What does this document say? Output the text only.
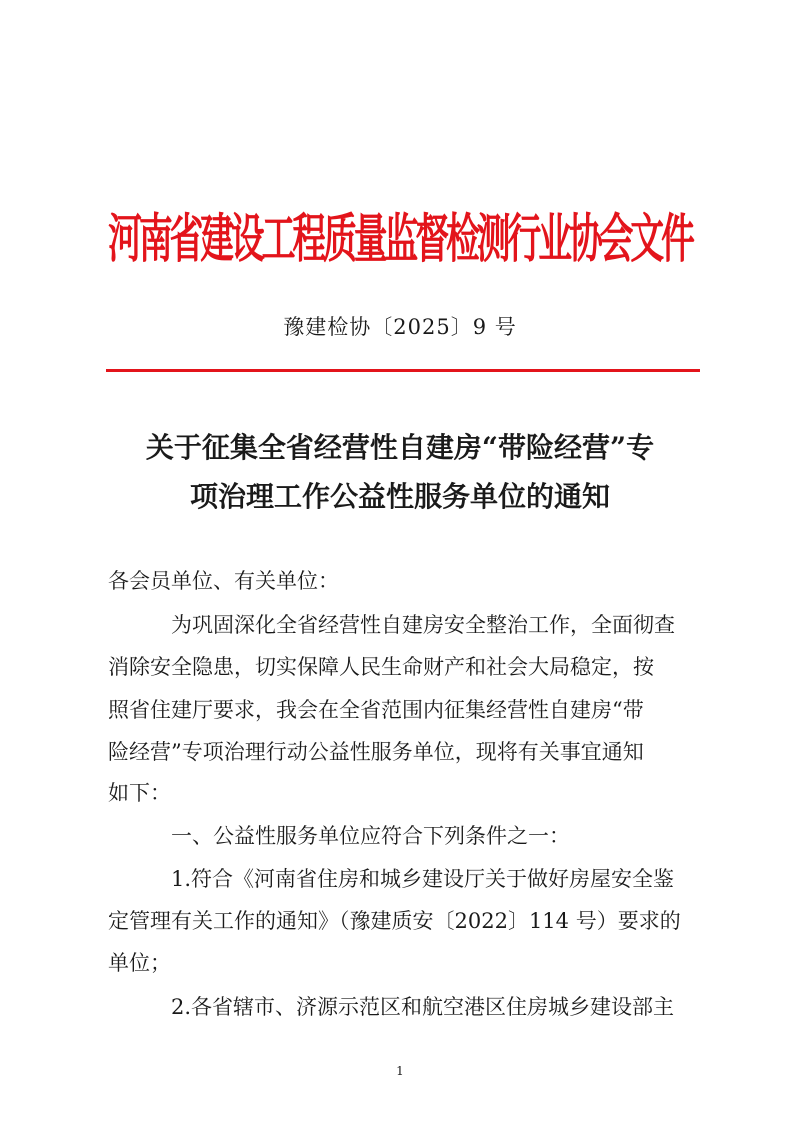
河南省建设工程质量监督检测行业协会文件
豫建检协〔2025〕9 号
关于征集全省经营性自建房“带险经营”专
项治理工作公益性服务单位的通知
各会员单位、有关单位：
为巩固深化全省经营性自建房安全整治工作，全面彻查
消除安全隐患，切实保障人民生命财产和社会大局稳定，按
照省住建厅要求，我会在全省范围内征集经营性自建房“带
险经营”专项治理行动公益性服务单位，现将有关事宜通知
如下：
一、公益性服务单位应符合下列条件之一：
1.符合《河南省住房和城乡建设厅关于做好房屋安全鉴
定管理有关工作的通知》（豫建质安〔2022〕114 号）要求的
单位；
2.各省辖市、济源示范区和航空港区住房城乡建设部主
1
